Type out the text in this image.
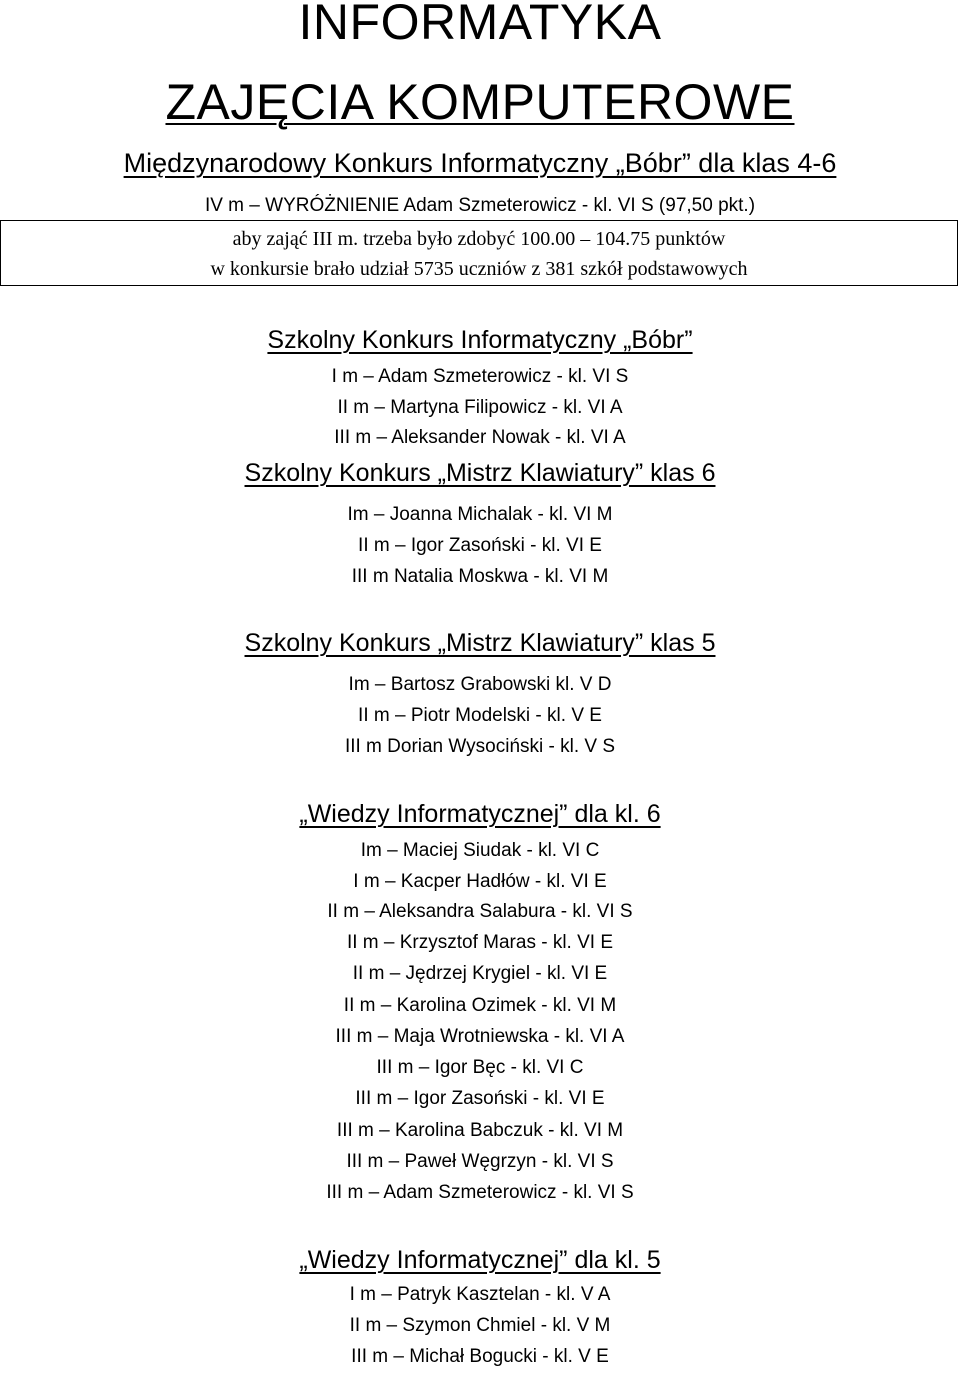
INFORMATYKA
ZAJĘCIA KOMPUTEROWE
Międzynarodowy Konkurs Informatyczny „Bóbr” dla klas 4-6
IV m – WYRÓŻNIENIE Adam Szmeterowicz - kl. VI S (97,50 pkt.)
aby zająć III m. trzeba było zdobyć 100.00 – 104.75 punktów
w konkursie brało udział 5735 uczniów z 381 szkół podstawowych
Szkolny Konkurs Informatyczny „Bóbr”
I m – Adam Szmeterowicz - kl. VI S
II m – Martyna Filipowicz - kl. VI A
III m – Aleksander Nowak - kl. VI A
Szkolny Konkurs „Mistrz Klawiatury” klas 6
Im – Joanna Michalak - kl. VI M
II m – Igor Zasoński - kl. VI E
III m Natalia Moskwa - kl. VI M
Szkolny Konkurs „Mistrz Klawiatury” klas 5
Im – Bartosz Grabowski kl. V D
II m – Piotr Modelski - kl. V E
III m Dorian Wysociński - kl. V S
„Wiedzy Informatycznej” dla kl. 6
Im – Maciej Siudak - kl. VI C
I m – Kacper Hadłów - kl. VI E
II m – Aleksandra Salabura - kl. VI S
II m – Krzysztof Maras - kl. VI E
II m – Jędrzej Krygiel - kl. VI E
II m – Karolina Ozimek - kl. VI M
III m – Maja Wrotniewska - kl. VI A
III m – Igor Bęc - kl. VI C
III m – Igor Zasoński - kl. VI E
III m – Karolina Babczuk - kl. VI M
III m – Paweł Węgrzyn - kl. VI S
III m – Adam Szmeterowicz - kl. VI S
„Wiedzy Informatycznej” dla kl. 5
I m – Patryk Kasztelan - kl. V A
II m – Szymon Chmiel - kl. V M
III m – Michał Bogucki - kl. V E
